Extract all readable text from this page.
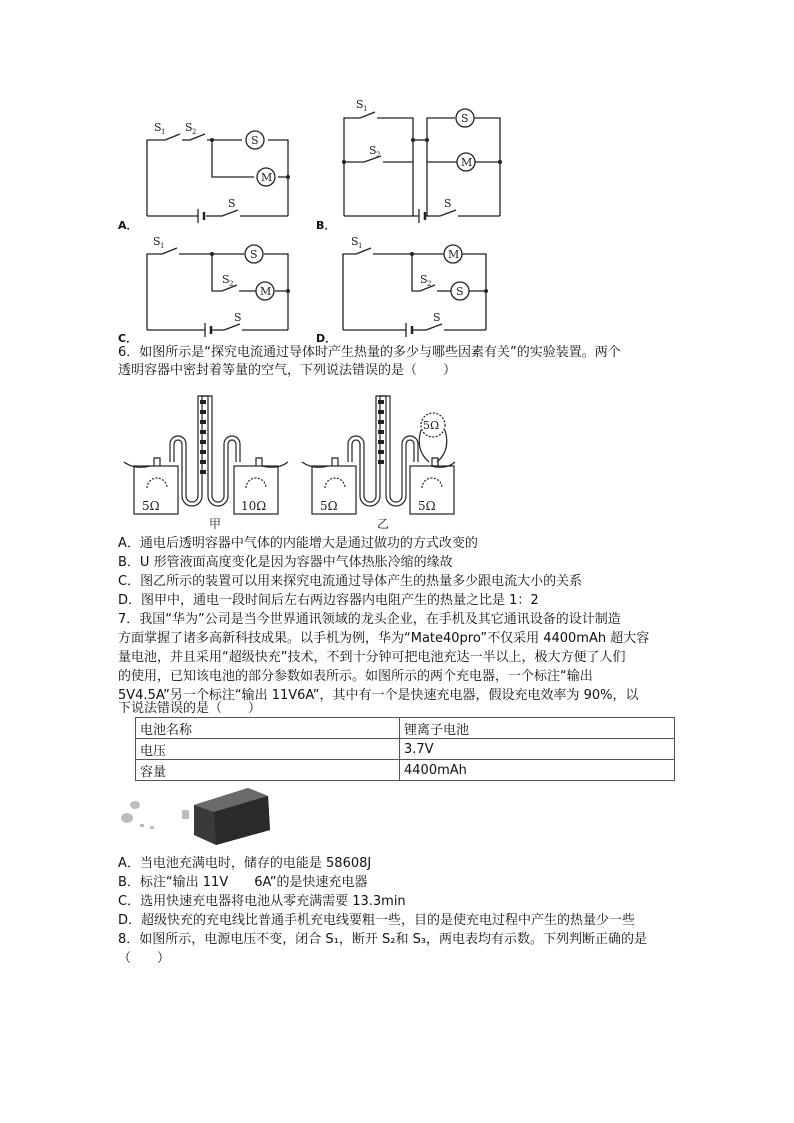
S 1 S 2
S
M
S
S 1
S 2
S
M
S
S 1
S 2
S
M
S
S 1
S 2
M
S
S
A．	B．
C．	D．
6．如图所示是“探究电流通过导体时产生热量的多少与哪些因素有关”的实验装置。两个
透明容器中密封着等量的空气，下列说法错误的是（　　）
5Ω	10Ω
甲
5Ω	5Ω
5Ω
乙
A．通电后透明容器中气体的内能增大是通过做功的方式改变的
B．U 形管液面高度变化是因为容器中气体热胀冷缩的缘故
C．图乙所示的装置可以用来探究电流通过导体产生的热量多少跟电流大小的关系
D．图甲中，通电一段时间后左右两边容器内电阻产生的热量之比是 1：2
7．我国“华为”公司是当今世界通讯领域的龙头企业，在手机及其它通讯设备的设计制造
方面掌握了诸多高新科技成果。以手机为例，华为“Mate40pro”不仅采用 4400mAh 超大容
量电池，并且采用“超级快充”技术，不到十分钟可把电池充达一半以上，极大方便了人们
的使用，已知该电池的部分参数如表所示。如图所示的两个充电器，一个标注“输出
5V4.5A”另一个标注“输出 11V6A”，其中有一个是快速充电器，假设充电效率为 90%，以
下说法错误的是（　　）
电池名称	锂离子电池
电压	3.7V
容量	4400mAh
A．当电池充满电时，储存的电能是 58608J
B．标注“输出 11V　　6A”的是快速充电器
C．选用快速充电器将电池从零充满需要 13.3min
D．超级快充的充电线比普通手机充电线要粗一些，目的是使充电过程中产生的热量少一些
8．如图所示，电源电压不变，闭合 S₁，断开 S₂和 S₃，两电表均有示数。下列判断正确的是
（　　）
